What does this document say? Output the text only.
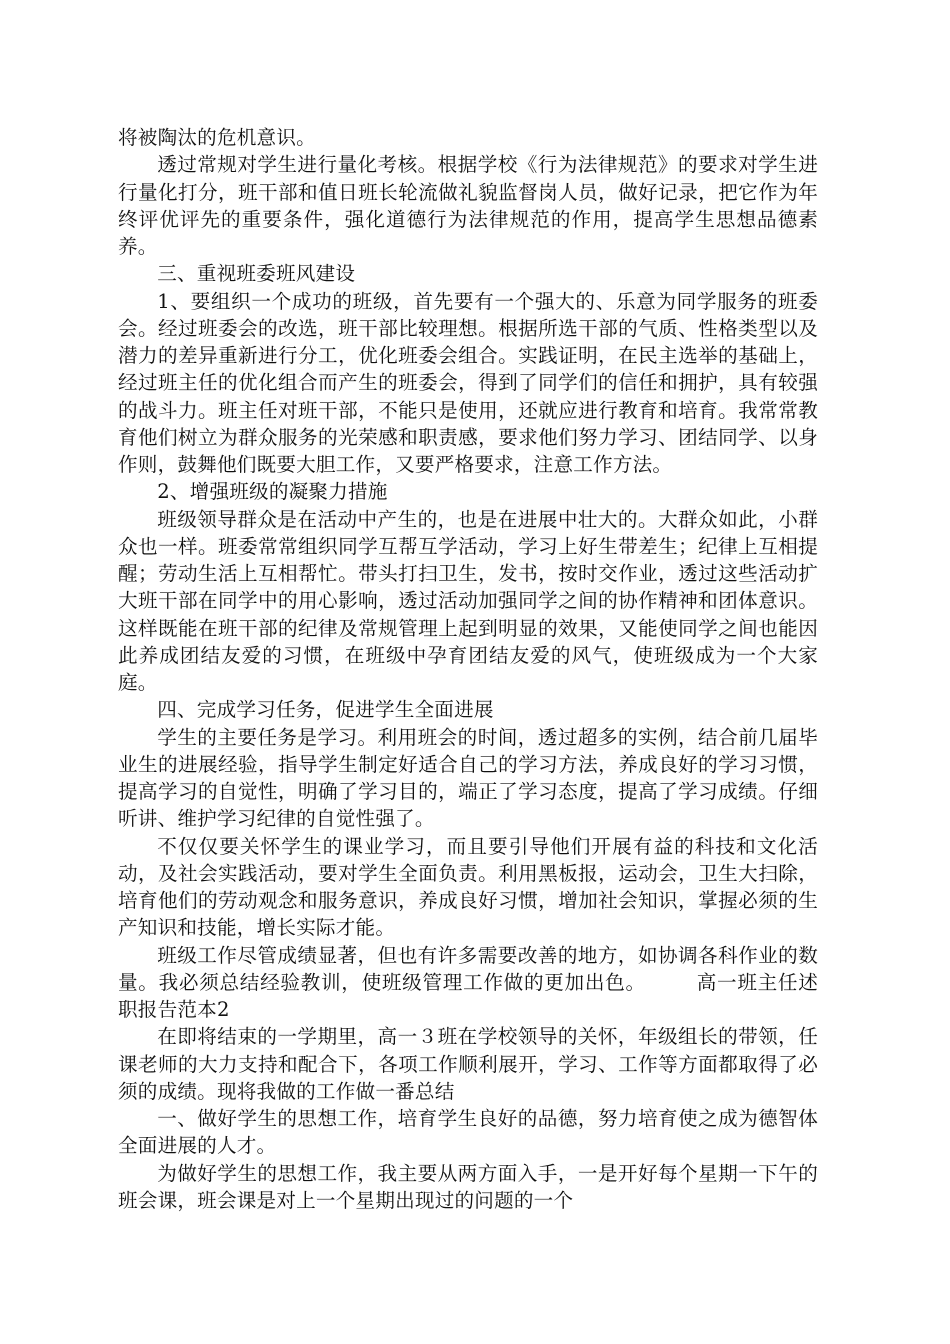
将被陶汰的危机意识。

透过常规对学生进行量化考核。根据学校《行为法律规范》的要求对学生进行量化打分，班干部和值日班长轮流做礼貌监督岗人员，做好记录，把它作为年终评优评先的重要条件，强化道德行为法律规范的作用，提高学生思想品德素养。

三、重视班委班风建设

1、要组织一个成功的班级，首先要有一个强大的、乐意为同学服务的班委会。经过班委会的改选，班干部比较理想。根据所选干部的气质、性格类型以及潜力的差异重新进行分工，优化班委会组合。实践证明，在民主选举的基础上，经过班主任的优化组合而产生的班委会，得到了同学们的信任和拥护，具有较强的战斗力。班主任对班干部，不能只是使用，还就应进行教育和培育。我常常教育他们树立为群众服务的光荣感和职责感，要求他们努力学习、团结同学、以身作则，鼓舞他们既要大胆工作，又要严格要求，注意工作方法。

2、增强班级的凝聚力措施

班级领导群众是在活动中产生的，也是在进展中壮大的。大群众如此，小群众也一样。班委常常组织同学互帮互学活动，学习上好生带差生；纪律上互相提醒；劳动生活上互相帮忙。带头打扫卫生，发书，按时交作业，透过这些活动扩大班干部在同学中的用心影响，透过活动加强同学之间的协作精神和团体意识。这样既能在班干部的纪律及常规管理上起到明显的效果，又能使同学之间也能因此养成团结友爱的习惯，在班级中孕育团结友爱的风气，使班级成为一个大家庭。

四、完成学习任务，促进学生全面进展

学生的主要任务是学习。利用班会的时间，透过超多的实例，结合前几届毕业生的进展经验，指导学生制定好适合自己的学习方法，养成良好的学习习惯，提高学习的自觉性，明确了学习目的，端正了学习态度，提高了学习成绩。仔细听讲、维护学习纪律的自觉性强了。

不仅仅要关怀学生的课业学习，而且要引导他们开展有益的科技和文化活动，及社会实践活动，要对学生全面负责。利用黑板报，运动会，卫生大扫除，培育他们的劳动观念和服务意识，养成良好习惯，增加社会知识，掌握必须的生产知识和技能，增长实际才能。

班级工作尽管成绩显著，但也有许多需要改善的地方，如协调各科作业的数量。我必须总结经验教训，使班级管理工作做的更加出色。	高一班主任述职报告范本2

在即将结束的一学期里，高一３班在学校领导的关怀，年级组长的带领，任课老师的大力支持和配合下，各项工作顺利展开，学习、工作等方面都取得了必须的成绩。现将我做的工作做一番总结

一、做好学生的思想工作，培育学生良好的品德，努力培育使之成为德智体全面进展的人才。

为做好学生的思想工作，我主要从两方面入手，一是开好每个星期一下午的班会课，班会课是对上一个星期出现过的问题的一个
